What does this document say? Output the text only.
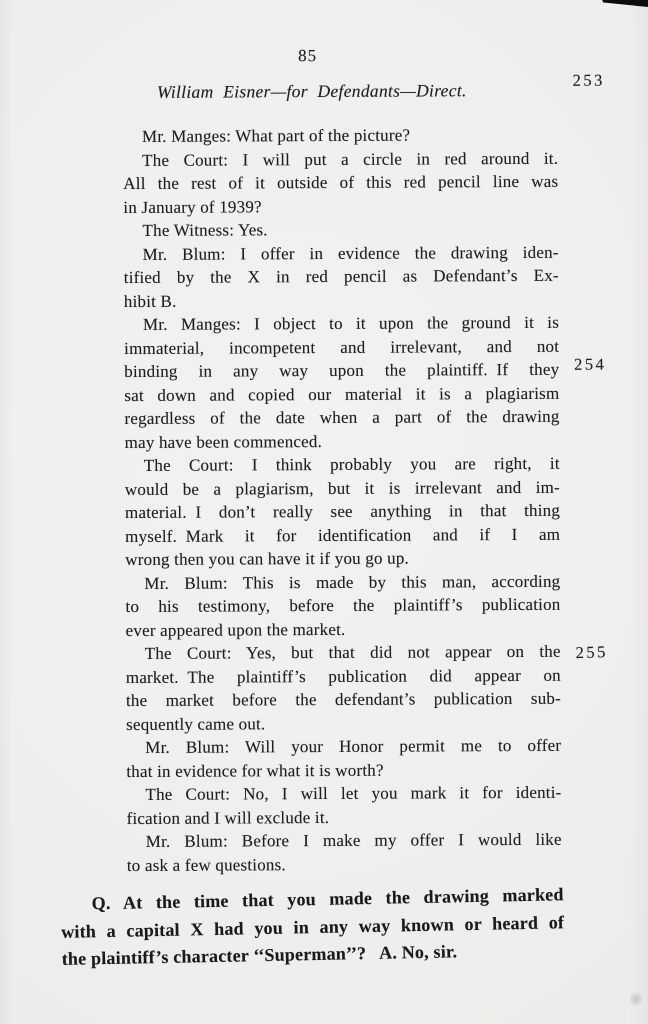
85
William Eisner—for Defendants—Direct.
253
254
255
Mr. Manges: What part of the picture?
The Court: I will put a circle in red around it.
All the rest of it outside of this red pencil line was
in January of 1939?
The Witness: Yes.
Mr. Blum: I offer in evidence the drawing iden-
tified by the X in red pencil as Defendant’s Ex-
hibit B.
Mr. Manges: I object to it upon the ground it is
immaterial, incompetent and irrelevant, and not
binding in any way upon the plaintiff. If they
sat down and copied our material it is a plagiarism
regardless of the date when a part of the drawing
may have been commenced.
The Court: I think probably you are right, it
would be a plagiarism, but it is irrelevant and im-
material. I don’t really see anything in that thing
myself. Mark it for identification and if I am
wrong then you can have it if you go up.
Mr. Blum: This is made by this man, according
to his testimony, before the plaintiff’s publication
ever appeared upon the market.
The Court: Yes, but that did not appear on the
market. The plaintiff’s publication did appear on
the market before the defendant’s publication sub-
sequently came out.
Mr. Blum: Will your Honor permit me to offer
that in evidence for what it is worth?
The Court: No, I will let you mark it for identi-
fication and I will exclude it.
Mr. Blum: Before I make my offer I would like
to ask a few questions.
Q. At the time that you made the drawing marked
with a capital X had you in any way known or heard of
the plaintiff’s character ‘‘Superman’’?  A. No, sir.
